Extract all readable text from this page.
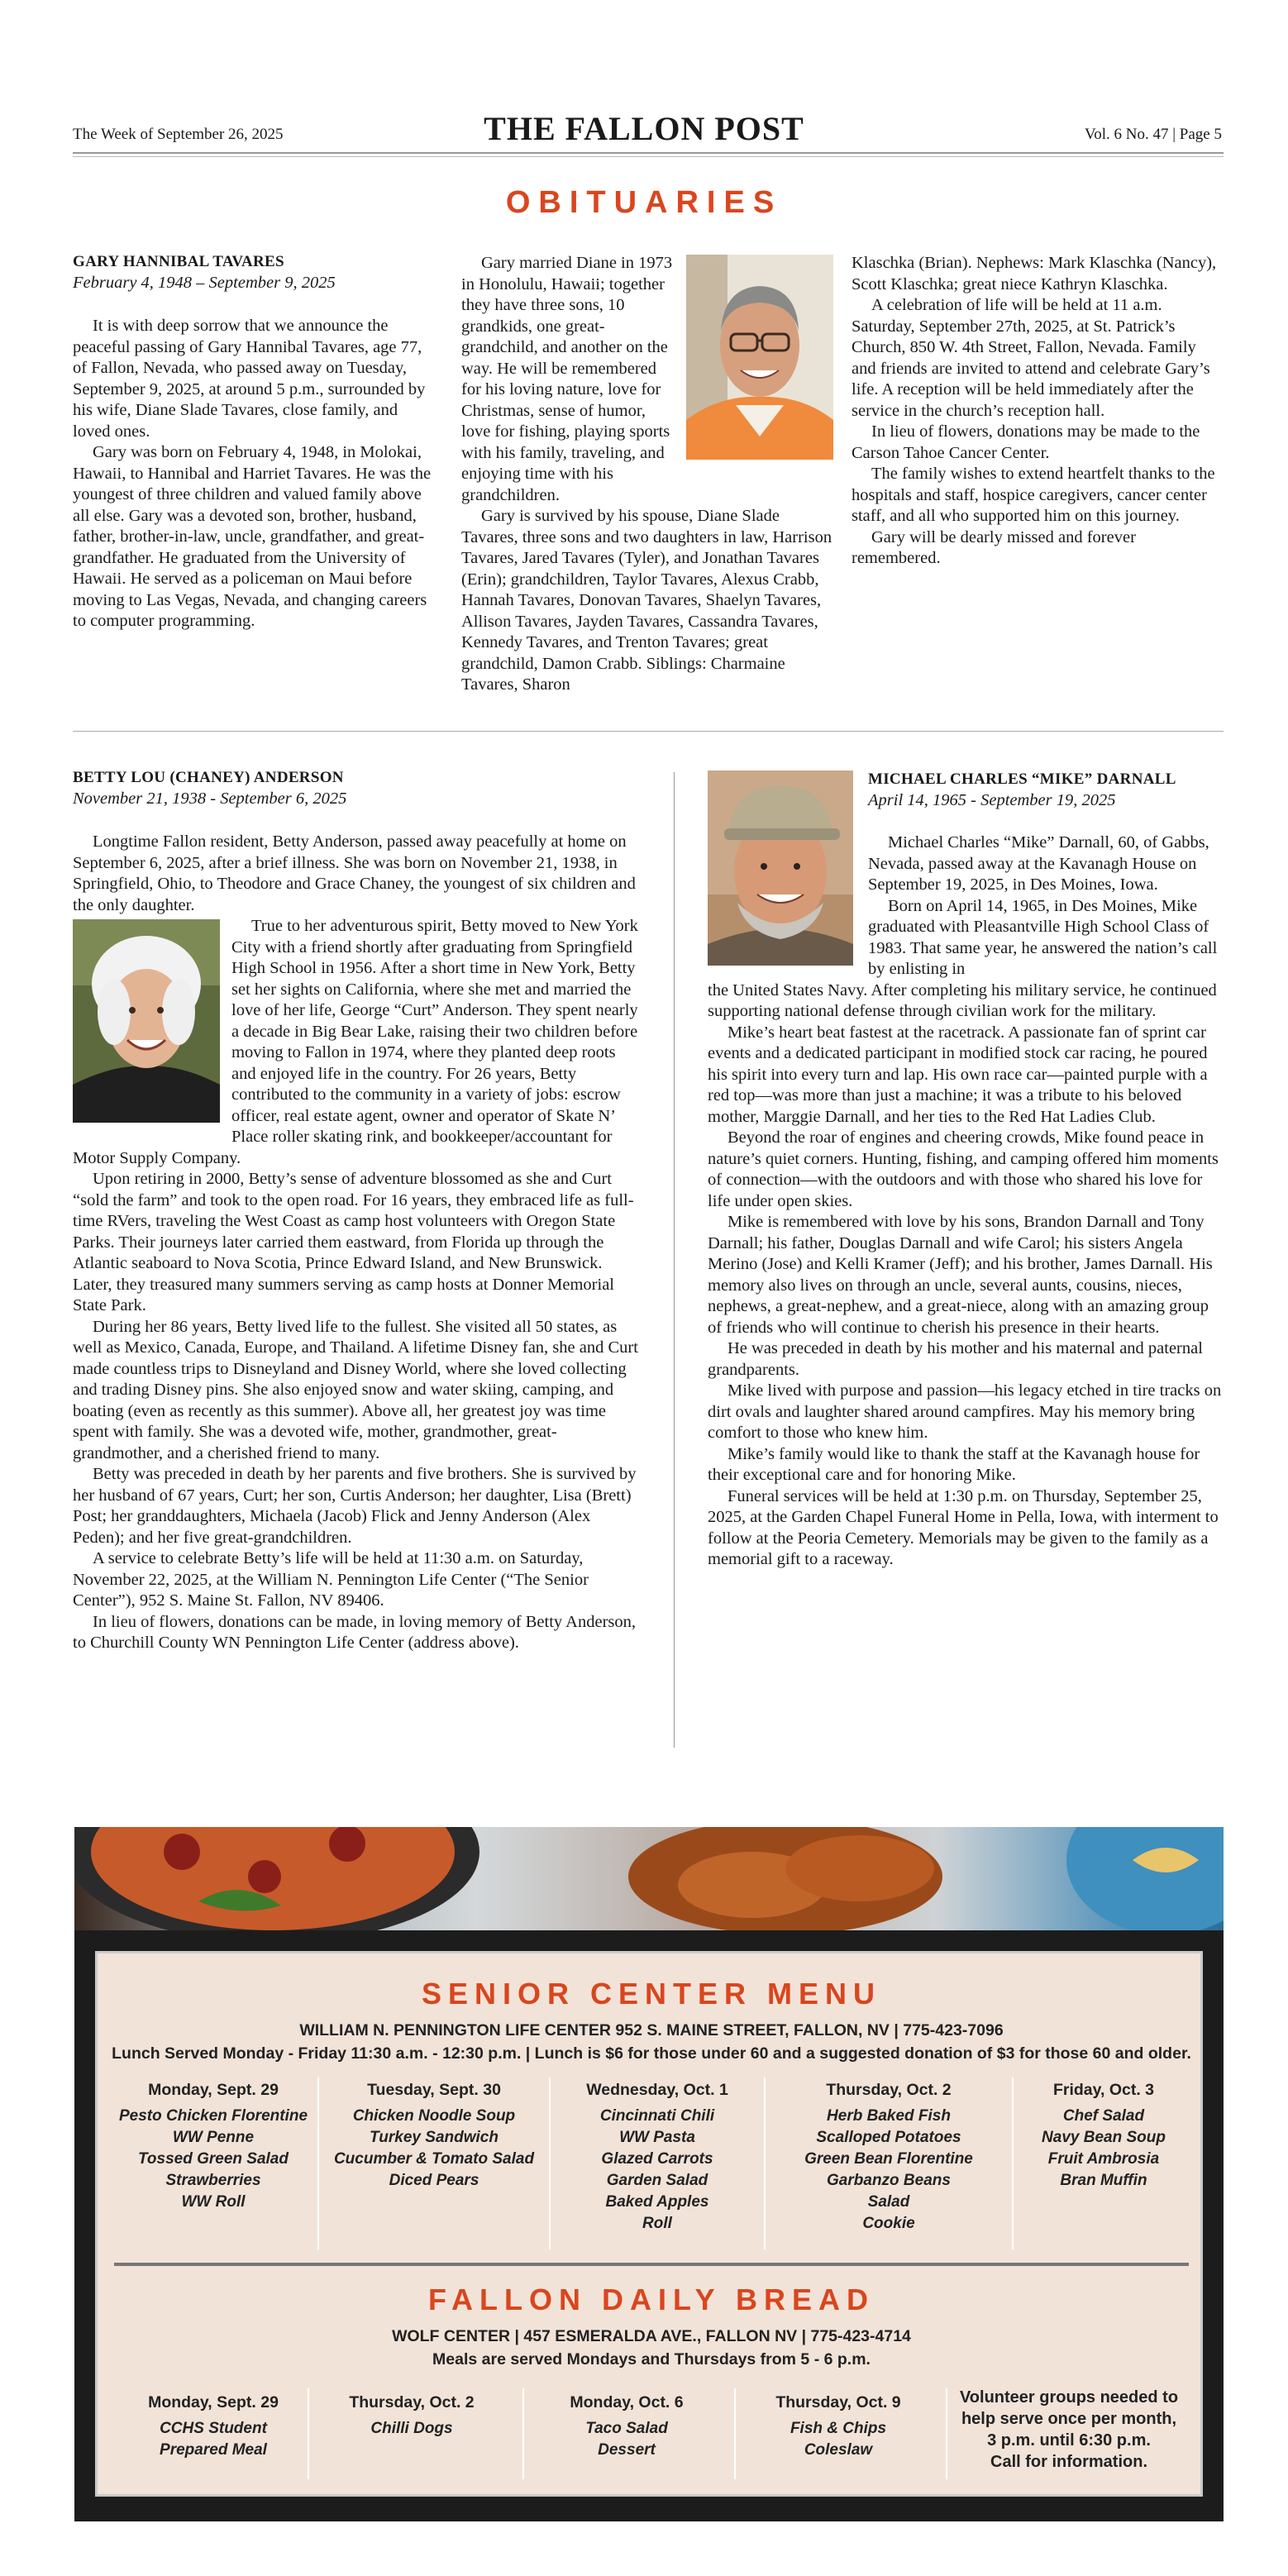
The Week of September 26, 2025	THE FALLON POST	Vol. 6 No. 47 | Page 5
OBITUARIES
GARY HANNIBAL TAVARES
February 4, 1948 – September 9, 2025

It is with deep sorrow that we announce the peaceful passing of Gary Hannibal Tavares, age 77, of Fallon, Nevada, who passed away on Tuesday, September 9, 2025, at around 5 p.m., surrounded by his wife, Diane Slade Tavares, close family, and loved ones.

Gary was born on February 4, 1948, in Molokai, Hawaii, to Hannibal and Harriet Tavares. He was the youngest of three children and valued family above all else. Gary was a devoted son, brother, husband, father, brother-in-law, uncle, grandfather, and great-grandfather. He graduated from the University of Hawaii. He served as a policeman on Maui before moving to Las Vegas, Nevada, and changing careers to computer programming.

Gary married Diane in 1973 in Honolulu, Hawaii; together they have three sons, 10 grandkids, one great-grandchild, and another on the way. He will be remembered for his loving nature, love for Christmas, sense of humor, love for fishing, playing sports with his family, traveling, and enjoying time with his grandchildren.

Gary is survived by his spouse, Diane Slade Tavares, three sons and two daughters in law, Harrison Tavares, Jared Tavares (Tyler), and Jonathan Tavares (Erin); grandchildren, Taylor Tavares, Alexus Crabb, Hannah Tavares, Donovan Tavares, Shaelyn Tavares, Allison Tavares, Jayden Tavares, Cassandra Tavares, Kennedy Tavares, and Trenton Tavares; great grandchild, Damon Crabb. Siblings: Charmaine Tavares, Sharon

Klaschka (Brian). Nephews: Mark Klaschka (Nancy), Scott Klaschka; great niece Kathryn Klaschka.

A celebration of life will be held at 11 a.m. Saturday, September 27th, 2025, at St. Patrick’s Church, 850 W. 4th Street, Fallon, Nevada. Family and friends are invited to attend and celebrate Gary’s life. A reception will be held immediately after the service in the church’s reception hall.

In lieu of flowers, donations may be made to the Carson Tahoe Cancer Center.

The family wishes to extend heartfelt thanks to the hospitals and staff, hospice caregivers, cancer center staff, and all who supported him on this journey.

Gary will be dearly missed and forever remembered.

BETTY LOU (CHANEY) ANDERSON
November 21, 1938 - September 6, 2025

Longtime Fallon resident, Betty Anderson, passed away peacefully at home on September 6, 2025, after a brief illness. She was born on November 21, 1938, in Springfield, Ohio, to Theodore and Grace Chaney, the youngest of six children and the only daughter.

True to her adventurous spirit, Betty moved to New York City with a friend shortly after graduating from Springfield High School in 1956. After a short time in New York, Betty set her sights on California, where she met and married the love of her life, George “Curt” Anderson. They spent nearly a decade in Big Bear Lake, raising their two children before moving to Fallon in 1974, where they planted deep roots and enjoyed life in the country. For 26 years, Betty contributed to the community in a variety of jobs: escrow officer, real estate agent, owner and operator of Skate N’ Place roller skating rink, and bookkeeper/accountant for Motor Supply Company.

Upon retiring in 2000, Betty’s sense of adventure blossomed as she and Curt “sold the farm” and took to the open road. For 16 years, they embraced life as full-time RVers, traveling the West Coast as camp host volunteers with Oregon State Parks. Their journeys later carried them eastward, from Florida up through the Atlantic seaboard to Nova Scotia, Prince Edward Island, and New Brunswick. Later, they treasured many summers serving as camp hosts at Donner Memorial State Park.

During her 86 years, Betty lived life to the fullest. She visited all 50 states, as well as Mexico, Canada, Europe, and Thailand. A lifetime Disney fan, she and Curt made countless trips to Disneyland and Disney World, where she loved collecting and trading Disney pins. She also enjoyed snow and water skiing, camping, and boating (even as recently as this summer). Above all, her greatest joy was time spent with family. She was a devoted wife, mother, grandmother, great-grandmother, and a cherished friend to many.

Betty was preceded in death by her parents and five brothers. She is survived by her husband of 67 years, Curt; her son, Curtis Anderson; her daughter, Lisa (Brett) Post; her granddaughters, Michaela (Jacob) Flick and Jenny Anderson (Alex Peden); and her five great-grandchildren.

A service to celebrate Betty’s life will be held at 11:30 a.m. on Saturday, November 22, 2025, at the William N. Pennington Life Center (“The Senior Center”), 952 S. Maine St. Fallon, NV 89406.

In lieu of flowers, donations can be made, in loving memory of Betty Anderson, to Churchill County WN Pennington Life Center (address above).

MICHAEL CHARLES “MIKE” DARNALL
April 14, 1965 - September 19, 2025

Michael Charles “Mike” Darnall, 60, of Gabbs, Nevada, passed away at the Kavanagh House on September 19, 2025, in Des Moines, Iowa.

Born on April 14, 1965, in Des Moines, Mike graduated with Pleasantville High School Class of 1983. That same year, he answered the nation’s call by enlisting in

the United States Navy. After completing his military service, he continued supporting national defense through civilian work for the military.

Mike’s heart beat fastest at the racetrack. A passionate fan of sprint car events and a dedicated participant in modified stock car racing, he poured his spirit into every turn and lap. His own race car—painted purple with a red top—was more than just a machine; it was a tribute to his beloved mother, Marggie Darnall, and her ties to the Red Hat Ladies Club.

Beyond the roar of engines and cheering crowds, Mike found peace in nature’s quiet corners. Hunting, fishing, and camping offered him moments of connection—with the outdoors and with those who shared his love for life under open skies.

Mike is remembered with love by his sons, Brandon Darnall and Tony Darnall; his father, Douglas Darnall and wife Carol; his sisters Angela Merino (Jose) and Kelli Kramer (Jeff); and his brother, James Darnall. His memory also lives on through an uncle, several aunts, cousins, nieces, nephews, a great-nephew, and a great-niece, along with an amazing group of friends who will continue to cherish his presence in their hearts.

He was preceded in death by his mother and his maternal and paternal grandparents.

Mike lived with purpose and passion—his legacy etched in tire tracks on dirt ovals and laughter shared around campfires. May his memory bring comfort to those who knew him.

Mike’s family would like to thank the staff at the Kavanagh house for their exceptional care and for honoring Mike.

Funeral services will be held at 1:30 p.m. on Thursday, September 25, 2025, at the Garden Chapel Funeral Home in Pella, Iowa, with interment to follow at the Peoria Cemetery. Memorials may be given to the family as a memorial gift to a raceway.

SENIOR CENTER MENU
WILLIAM N. PENNINGTON LIFE CENTER 952 S. MAINE STREET, FALLON, NV | 775-423-7096
Lunch Served Monday - Friday 11:30 a.m. - 12:30 p.m. | Lunch is $6 for those under 60 and a suggested donation of $3 for those 60 and older.
Monday, Sept. 29
Pesto Chicken Florentine
WW Penne
Tossed Green Salad
Strawberries
WW Roll
Tuesday, Sept. 30
Chicken Noodle Soup
Turkey Sandwich
Cucumber & Tomato Salad
Diced Pears
Wednesday, Oct. 1
Cincinnati Chili
WW Pasta
Glazed Carrots
Garden Salad
Baked Apples
Roll
Thursday, Oct. 2
Herb Baked Fish
Scalloped Potatoes
Green Bean Florentine
Garbanzo Beans
Salad
Cookie
Friday, Oct. 3
Chef Salad
Navy Bean Soup
Fruit Ambrosia
Bran Muffin
FALLON DAILY BREAD
WOLF CENTER | 457 ESMERALDA AVE., FALLON NV | 775-423-4714
Meals are served Mondays and Thursdays from 5 - 6 p.m.
Monday, Sept. 29
CCHS Student
Prepared Meal
Thursday, Oct. 2
Chilli Dogs
Monday, Oct. 6
Taco Salad
Dessert
Thursday, Oct. 9
Fish & Chips
Coleslaw
Volunteer groups needed to
help serve once per month,
3 p.m. until 6:30 p.m.
Call for information.
